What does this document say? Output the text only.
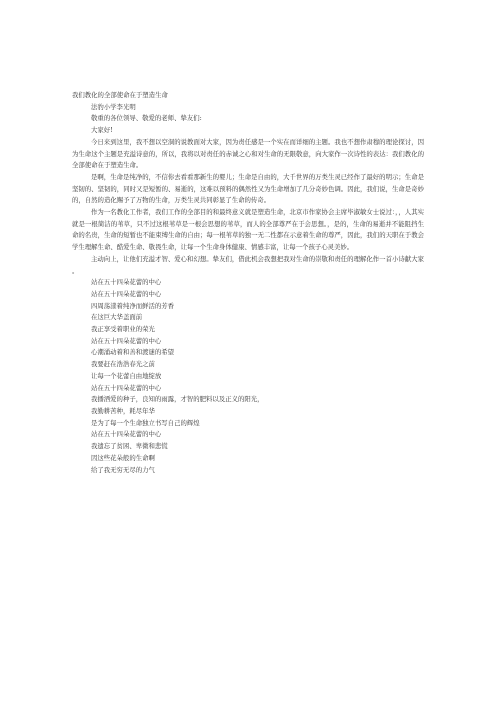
我们教化的全部使命在于塑造生命

法豹小学李光明

敬重的各位领导、敬爱的老师、挚友们:

大家好!

今日来到这里，我不想以空洞的说教面对大家，因为责任感是一个实在而详细的主题。我也不想作肃穆的理论探讨，因为生命这个主题是充溢诗意的，所以，我将以对责任的赤诚之心和对生命的无限敬意，向大家作一次诗性的表达：我们教化的全部使命在于塑造生命。

是啊，生命是纯净的，不信你去看看那新生的婴儿；生命是自由的，大千世界的万类生灵已经作了最好的明示；生命是坚韧的、坚韧的，同时又是短暂的、易逝的，这难以预料的偶然性又为生命增加了几分奇妙色调。因此，我们说，生命是奇妙的，自然的造化赐予了万物的生命，万类生灵共同彰显了生命的传奇。

作为一名教化工作者，我们工作的全部目的和最终意义就是塑造生命，北京市作家协会主席毕淑敏女士说过：，，人其实就是一根简洁的苇草，只不过这根苇草是一根会思想的苇草，而人的全部尊严在于会思想。，是的，生命的易逝并不能阻挡生命的名贵，生命的短暂也不能束缚生命的自由；每一根苇草的独一无二性都在示意着生命的尊严，因此，我们的天职在于教会学生理解生命、酷爱生命、敬畏生命，让每一个生命身体健康、情感丰富，让每一个孩子心灵美妙。

主动向上，让他们充溢才智、爱心和幻想。挚友们，借此机会我想把我对生命的崇敬和责任的理解化作一首小诗献大家。

站在五十四朵花蕾的中心

站在五十四朵花蕾的中心

四周荡漾着纯净而鲜活的芳香

在这巨大华盖面前

我正享受着职业的荣光

站在五十四朵花蕾的中心

心潮涌动着和善和渡谜的希望

我要赶在浩浩春光之前

让每一个花蕾自由地绽放

站在五十四朵花蕾的中心

我播洒爱的种子，良知的雨露，才智的肥料以及正义的阳光，

我勤耕苦种，耗尽年华

是为了每一个生命独立书写自己的辉煌

站在五十四朵花蕾的中心

我遗忘了贫困、卑微和悲慌

因这些花朵般的生命啊

给了我无穷无尽的力气
